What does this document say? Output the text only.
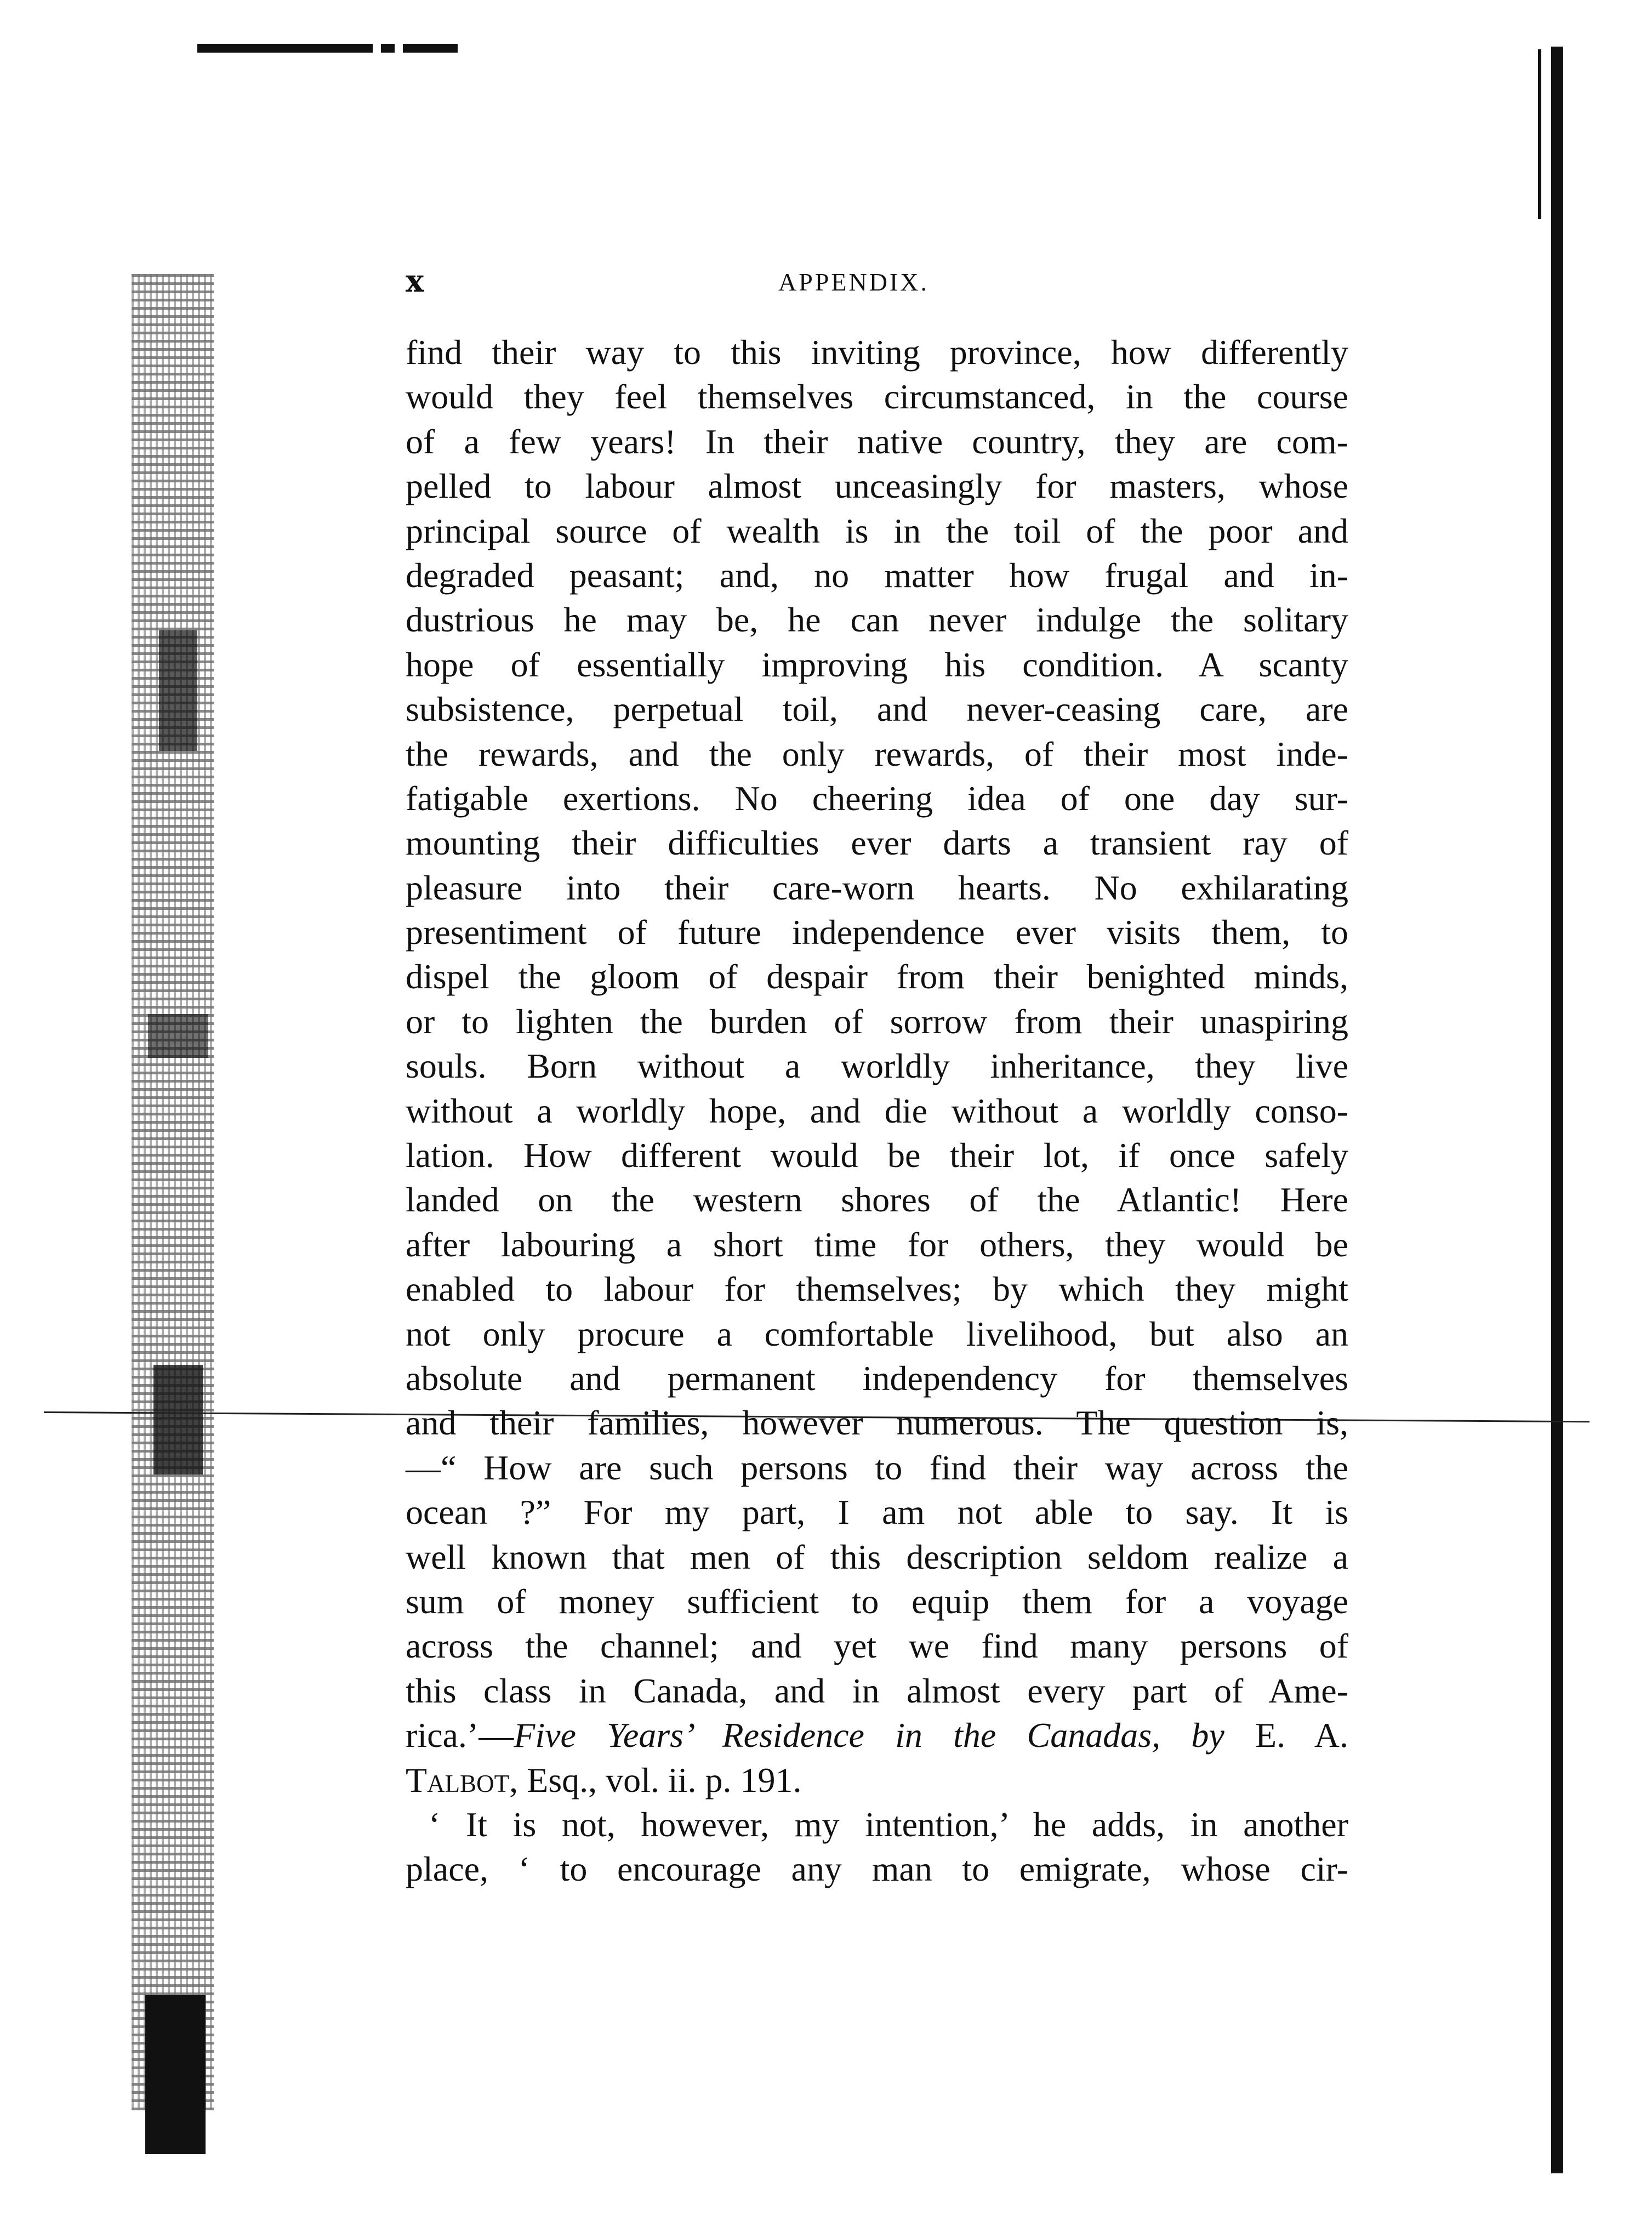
x	APPENDIX.
find their way to this inviting province, how differently
would they feel themselves circumstanced, in the course
of a few years! In their native country, they are com-
pelled to labour almost unceasingly for masters, whose
principal source of wealth is in the toil of the poor and
degraded peasant; and, no matter how frugal and in-
dustrious he may be, he can never indulge the solitary
hope of essentially improving his condition. A scanty
subsistence, perpetual toil, and never-ceasing care, are
the rewards, and the only rewards, of their most inde-
fatigable exertions. No cheering idea of one day sur-
mounting their difficulties ever darts a transient ray of
pleasure into their care-worn hearts. No exhilarating
presentiment of future independence ever visits them, to
dispel the gloom of despair from their benighted minds,
or to lighten the burden of sorrow from their unaspiring
souls. Born without a worldly inheritance, they live
without a worldly hope, and die without a worldly conso-
lation. How different would be their lot, if once safely
landed on the western shores of the Atlantic! Here
after labouring a short time for others, they would be
enabled to labour for themselves; by which they might
not only procure a comfortable livelihood, but also an
absolute and permanent independency for themselves
and their families, however numerous. The question is,
—“ How are such persons to find their way across the
ocean ?” For my part, I am not able to say. It is
well known that men of this description seldom realize a
sum of money sufficient to equip them for a voyage
across the channel; and yet we find many persons of
this class in Canada, and in almost every part of Ame-
rica.’—Five Years’ Residence in the Canadas, by E. A.
Talbot, Esq., vol. ii. p. 191.
‘ It is not, however, my intention,’ he adds, in another
place, ‘ to encourage any man to emigrate, whose cir-
